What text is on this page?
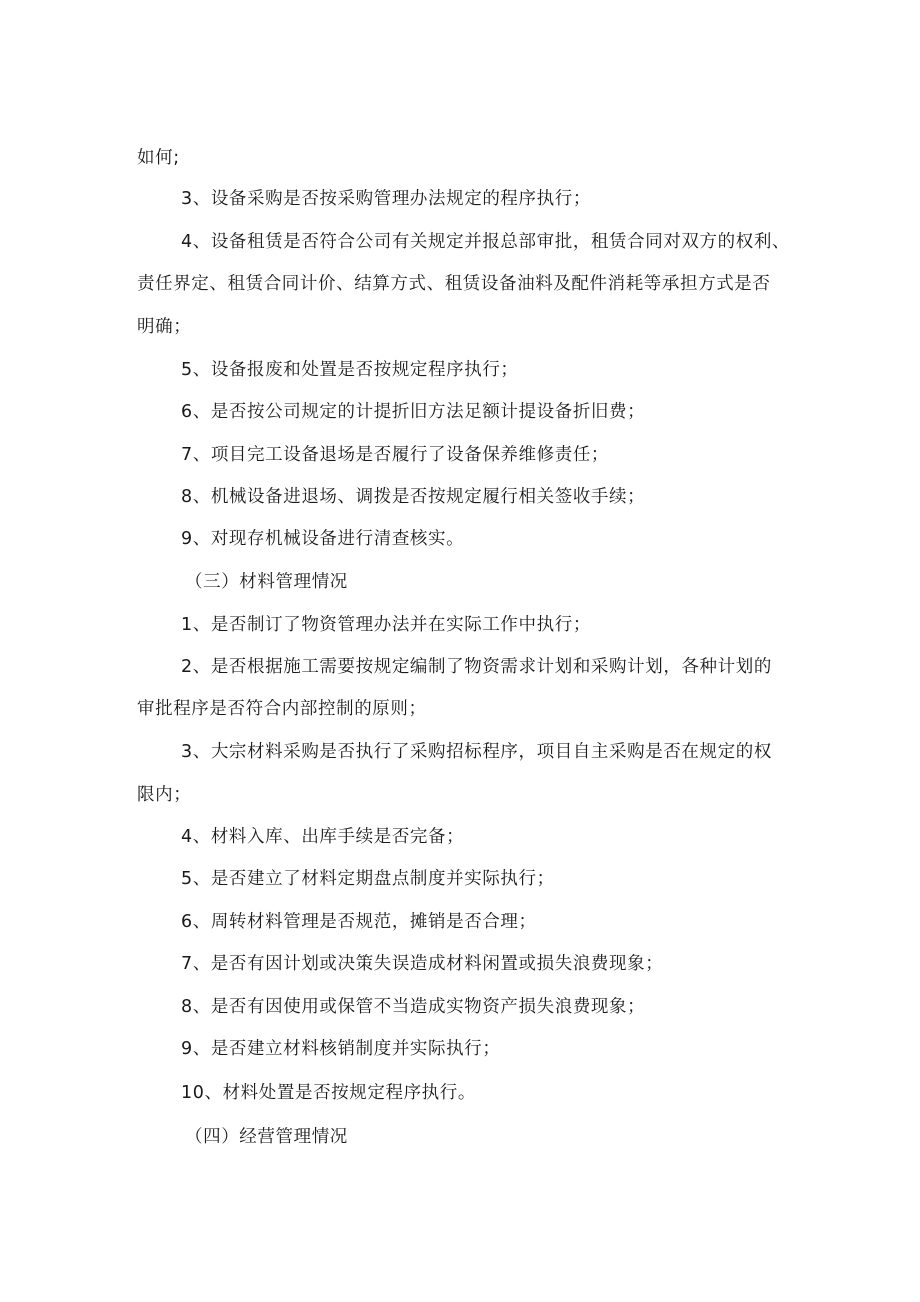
如何;

3、设备采购是否按采购管理办法规定的程序执行；

4、设备租赁是否符合公司有关规定并报总部审批，租赁合同对双方的权利、

责任界定、租赁合同计价、结算方式、租赁设备油料及配件消耗等承担方式是否

明确；

5、设备报废和处置是否按规定程序执行；

6、是否按公司规定的计提折旧方法足额计提设备折旧费；

7、项目完工设备退场是否履行了设备保养维修责任；

8、机械设备进退场、调拨是否按规定履行相关签收手续；

9、对现存机械设备进行清查核实。

（三）材料管理情况

1、是否制订了物资管理办法并在实际工作中执行；

2、是否根据施工需要按规定编制了物资需求计划和采购计划，各种计划的

审批程序是否符合内部控制的原则；

3、大宗材料采购是否执行了采购招标程序，项目自主采购是否在规定的权

限内；

4、材料入库、出库手续是否完备；

5、是否建立了材料定期盘点制度并实际执行；

6、周转材料管理是否规范，摊销是否合理；

7、是否有因计划或决策失误造成材料闲置或损失浪费现象；

8、是否有因使用或保管不当造成实物资产损失浪费现象；

9、是否建立材料核销制度并实际执行；

10、材料处置是否按规定程序执行。

（四）经营管理情况
